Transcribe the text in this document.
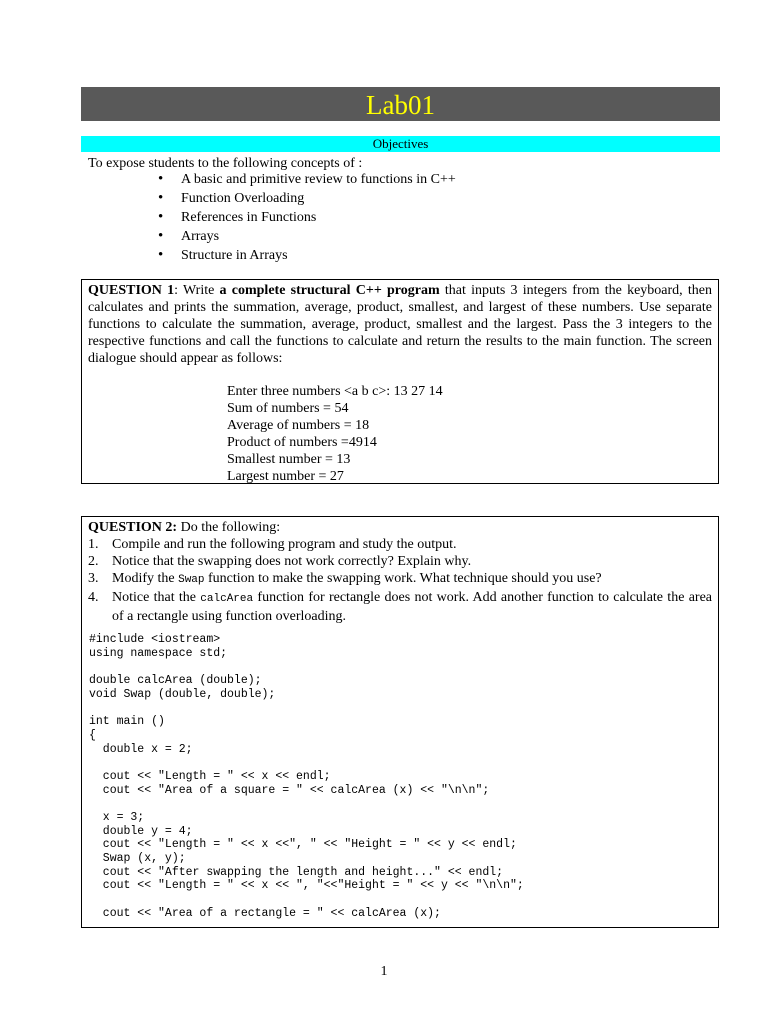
Lab01
Objectives
To expose students to the following concepts of :
• A basic and primitive review to functions in C++
• Function Overloading
• References in Functions
• Arrays
• Structure in Arrays
QUESTION 1: Write a complete structural C++ program that inputs 3 integers from the keyboard, then calculates and prints the summation, average, product, smallest, and largest of these numbers. Use separate functions to calculate the summation, average, product, smallest and the largest. Pass the 3 integers to the respective functions and call the functions to calculate and return the results to the main function. The screen dialogue should appear as follows:
Enter three numbers <a b c>: 13 27 14
Sum of numbers = 54
Average of numbers = 18
Product of numbers =4914
Smallest number = 13
Largest number = 27
QUESTION 2: Do the following:
1. Compile and run the following program and study the output.
2. Notice that the swapping does not work correctly? Explain why.
3. Modify the Swap function to make the swapping work. What technique should you use?
4. Notice that the calcArea function for rectangle does not work. Add another function to calculate the area of a rectangle using function overloading.
#include <iostream>
using namespace std;
double calcArea (double);
void Swap (double, double);
int main ()
{
double x = 2;
cout << "Length = " << x << endl;
cout << "Area of a square = " << calcArea (x) << "\n\n";
x = 3;
double y = 4;
cout << "Length = " << x <<", " << "Height = " << y << endl;
Swap (x, y);
cout << "After swapping the length and height..." << endl;
cout << "Length = " << x << ", "<<"Height = " << y << "\n\n";
cout << "Area of a rectangle = " << calcArea (x);
1
